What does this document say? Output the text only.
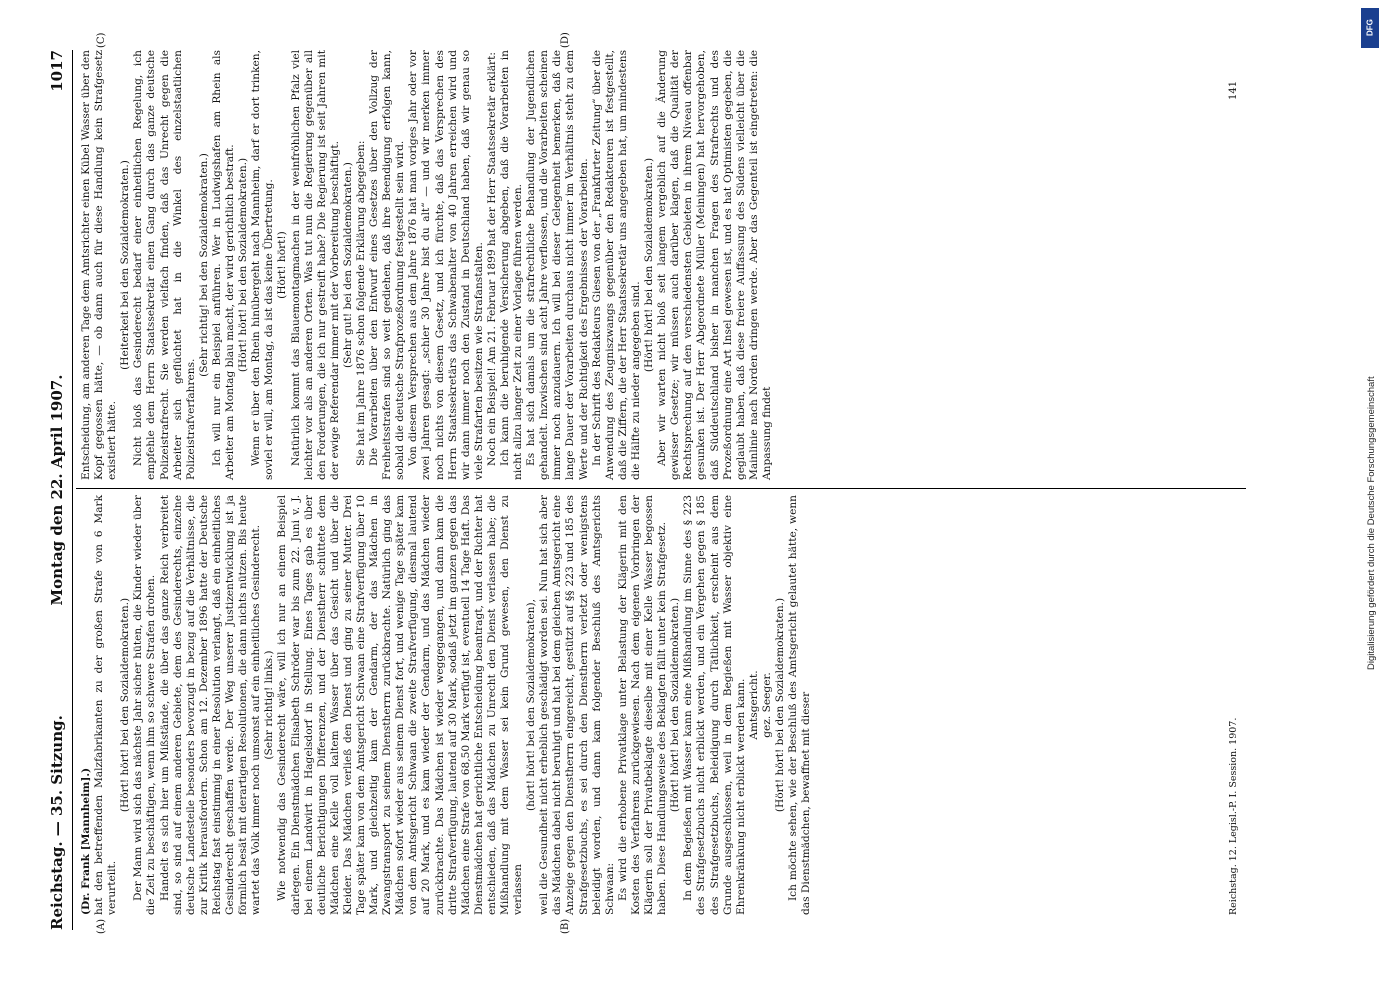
Reichstag. — 35. Sitzung.
Montag den 22. April 1907.
1017
(A)	(B)
(C)	(D)

(Dr. Frank [Mannheim].) hat den betreffenden Malzfabrikanten zu der großen Strafe von 6 Mark verurteilt.

(Hört! hört! bei den Sozialdemokraten.) Der Mann wird sich das nächste Jahr sicher hüten, die Kinder wieder über die Zeit zu beschäftigen, wenn ihm so schwere Strafen drohen. Handelt es sich hier um Mißstände, die über das ganze Reich verbreitet sind, so sind auf einem anderen Gebiete, dem des Gesinderechts, einzelne deutsche Landesteile besonders bevorzugt in bezug auf die Verhältnisse, die zur Kritik herausfordern. Schon am 12. Dezember 1896 hatte der Deutsche Reichstag fast einstimmig in einer Resolution verlangt, daß ein einheitliches Gesinderecht geschaffen werde. Der Weg unserer Justizentwicklung ist ja förmlich besät mit derartigen Resolutionen, die dann nichts nützen. Bis heute wartet das Volk immer noch umsonst auf ein einheitliches Gesinderecht. (Sehr richtig! links.) Wie notwendig das Gesinderecht wäre, will ich nur an einem Beispiel darlegen. Ein Dienstmädchen Elisabeth Schröder war bis zum 22. Juni v. J. bei einem Landwirt in Hagelsdorf in Stellung. Eines Tages gab es über deutliche Berichtigungen Differenzen, und der Dienstherr schüttete dem Mädchen eine Kelle voll kaltem Wasser über das Gesicht und über die Kleider. Das Mädchen verließ den Dienst und ging zu seiner Mutter. Drei Tage später kam von dem Amtsgericht Schwaan eine Strafverfügung über 10 Mark, und gleichzeitig kam der Gendarm, der das Mädchen in Zwangstransport zu seinem Dienstherrn zurückbrachte. Natürlich ging das Mädchen sofort wieder aus seinem Dienst fort, und wenige Tage später kam von dem Amtsgericht Schwaan die zweite Strafverfügung, diesmal lautend auf 20 Mark, und es kam wieder der Gendarm, und das Mädchen wieder zurückbrachte. Das Mädchen ist wieder weggegangen, und dann kam die dritte Strafverfügung, lautend auf 30 Mark, sodaß jetzt im ganzen gegen das Mädchen eine Strafe von 68,50 Mark verfügt ist, eventuell 14 Tage Haft. Das Dienstmädchen hat gerichtliche Entscheidung beantragt, und der Richter hat entschieden, daß das Mädchen zu Unrecht den Dienst verlassen habe; die Mißhandlung mit dem Wasser sei kein Grund gewesen, den Dienst zu verlassen

(hört! hört! bei den Sozialdemokraten), weil die Gesundheit nicht erheblich geschädigt worden sei. Nun hat sich aber das Mädchen dabei nicht beruhigt und hat bei dem gleichen Amtsgericht eine Anzeige gegen den Dienstherrn eingereicht, gestützt auf §§ 223 und 185 des Strafgesetzbuchs, es sei durch den Dienstherrn verletzt oder wenigstens beleidigt worden, und dann kam folgender Beschluß des Amtsgerichts Schwaan: Es wird die erhobene Privatklage unter Belastung der Klägerin mit den Kosten des Verfahrens zurückgewiesen. Nach dem eigenen Vorbringen der Klägerin soll der Privatbeklagte dieselbe mit einer Kelle Wasser begossen haben. Diese Handlungsweise des Beklagten fällt unter kein Strafgesetz. (Hört! hört! bei den Sozialdemokraten.) In dem Begießen mit Wasser kann eine Mißhandlung im Sinne des § 223 des Strafgesetzbuchs nicht erblickt werden, und ein Vergehen gegen § 185 des Strafgesetzbuchs, Beleidigung durch Tätlichkeit, erscheint aus dem Grunde ausgeschlossen, weil in dem Begießen mit Wasser objektiv eine Ehrenkränkung nicht erblickt werden kann. Amtsgericht. gez. Seeger. (Hört! hört! bei den Sozialdemokraten.) Ich möchte sehen, wie der Beschluß des Amtsgericht gelautet hätte, wenn das Dienstmädchen, bewaffnet mit dieser

Entscheidung, am anderen Tage dem Amtsrichter einen Kübel Wasser über den Kopf gegossen hätte, — ob dann auch für diese Handlung kein Strafgesetz existiert hätte.

(Heiterkeit bei den Sozialdemokraten.) Nicht bloß das Gesinderecht bedarf einer einheitlichen Regelung, ich empfehle dem Herrn Staatssekretär einen Gang durch das ganze deutsche Polizeistrafrecht. Sie werden vielfach finden, daß das Unrecht gegen die Arbeiter sich geflüchtet hat in die Winkel des einzelstaatlichen Polizeistrafverfahrens.

(Sehr richtig! bei den Sozialdemokraten.) Ich will nur ein Beispiel anführen. Wer in Ludwigshafen am Rhein als Arbeiter am Montag blau macht, der wird gerichtlich bestraft. (Hört! hört! bei den Sozialdemokraten.) Wenn er über den Rhein hinübergeht nach Mannheim, darf er dort trinken, soviel er will, am Montag, da ist das keine Übertretung. (Hört! hört!) Natürlich kommt das Blauemontagmachen in der weinfröhlichen Pfalz viel leichter vor als an anderen Orten. Was tut nun die Regierung gegenüber all den Forderungen, die ich nur gestreift habe? Die Regierung ist seit Jahren mit der ewige Referendar immer mit der Vorbereitung beschäftigt. (Sehr gut! bei den Sozialdemokraten.) Sie hat im Jahre 1876 schon folgende Erklärung abgegeben: Die Vorarbeiten über den Entwurf eines Gesetzes über den Vollzug der Freiheitsstrafen sind so weit gediehen, daß ihre Beendigung erfolgen kann, sobald die deutsche Strafprozeßordnung festgestellt sein wird. Von diesem Versprechen aus dem Jahre 1876 hat man voriges Jahr oder vor zwei Jahren gesagt: „schier 30 Jahre bist du alt“ — und wir merken immer noch nichts von diesem Gesetz, und ich fürchte, daß das Versprechen des Herrn Staatssekretärs das Schwabenalter von 40 Jahren erreichen wird und wir dann immer noch den Zustand in Deutschland haben, daß wir genau so viele Strafarten besitzen wie Strafanstalten. Noch ein Beispiel! Am 21. Februar 1899 hat der Herr Staatssekretär erklärt: Ich kann die beruhigende Versicherung abgeben, daß die Vorarbeiten in nicht allzu langer Zeit zu einer Vorlage führen werden. Es hat sich damals um die strafrechtliche Behandlung der Jugendlichen gehandelt. Inzwischen sind acht Jahre verflossen, und die Vorarbeiten scheinen immer noch anzudauern. Ich will bei dieser Gelegenheit bemerken, daß die lange Dauer der Vorarbeiten durchaus nicht immer im Verhältnis steht zu dem Werte und der Richtigkeit des Ergebnisses der Vorarbeiten. In der Schrift des Redakteurs Giesen von der „Frankfurter Zeitung“ über die Anwendung des Zeugniszwangs gegenüber den Redakteuren ist festgestellt, daß die Ziffern, die der Herr Staatssekretär uns angegeben hat, um mindestens die Hälfte zu nieder angegeben sind.

(Hört! hört! bei den Sozialdemokraten.) Aber wir warten nicht bloß seit langem vergeblich auf die Änderung gewisser Gesetze; wir müssen auch darüber klagen, daß die Qualität der Rechtsprechung auf den verschiedensten Gebieten in ihrem Niveau offenbar gesunken ist. Der Herr Abgeordnete Müller (Meiningen) hat hervorgehoben, daß Süddeutschland bisher in manchen Fragen des Strafrechts und des Prozeßordnung eine Art Insel gewesen ist, und es hat Optimisten gegeben, die geglaubt haben, daß diese freiere Auffassung des Südens vielleicht über die Mainlinie nach Norden dringen werde. Aber das Gegenteil ist eingetreten: die Anpassung findet

Reichstag. 12. Legisl.-P. I. Session. 1907.
141
DFG
Digitalisierung gefördert durch die Deutsche Forschungsgemeinschaft
